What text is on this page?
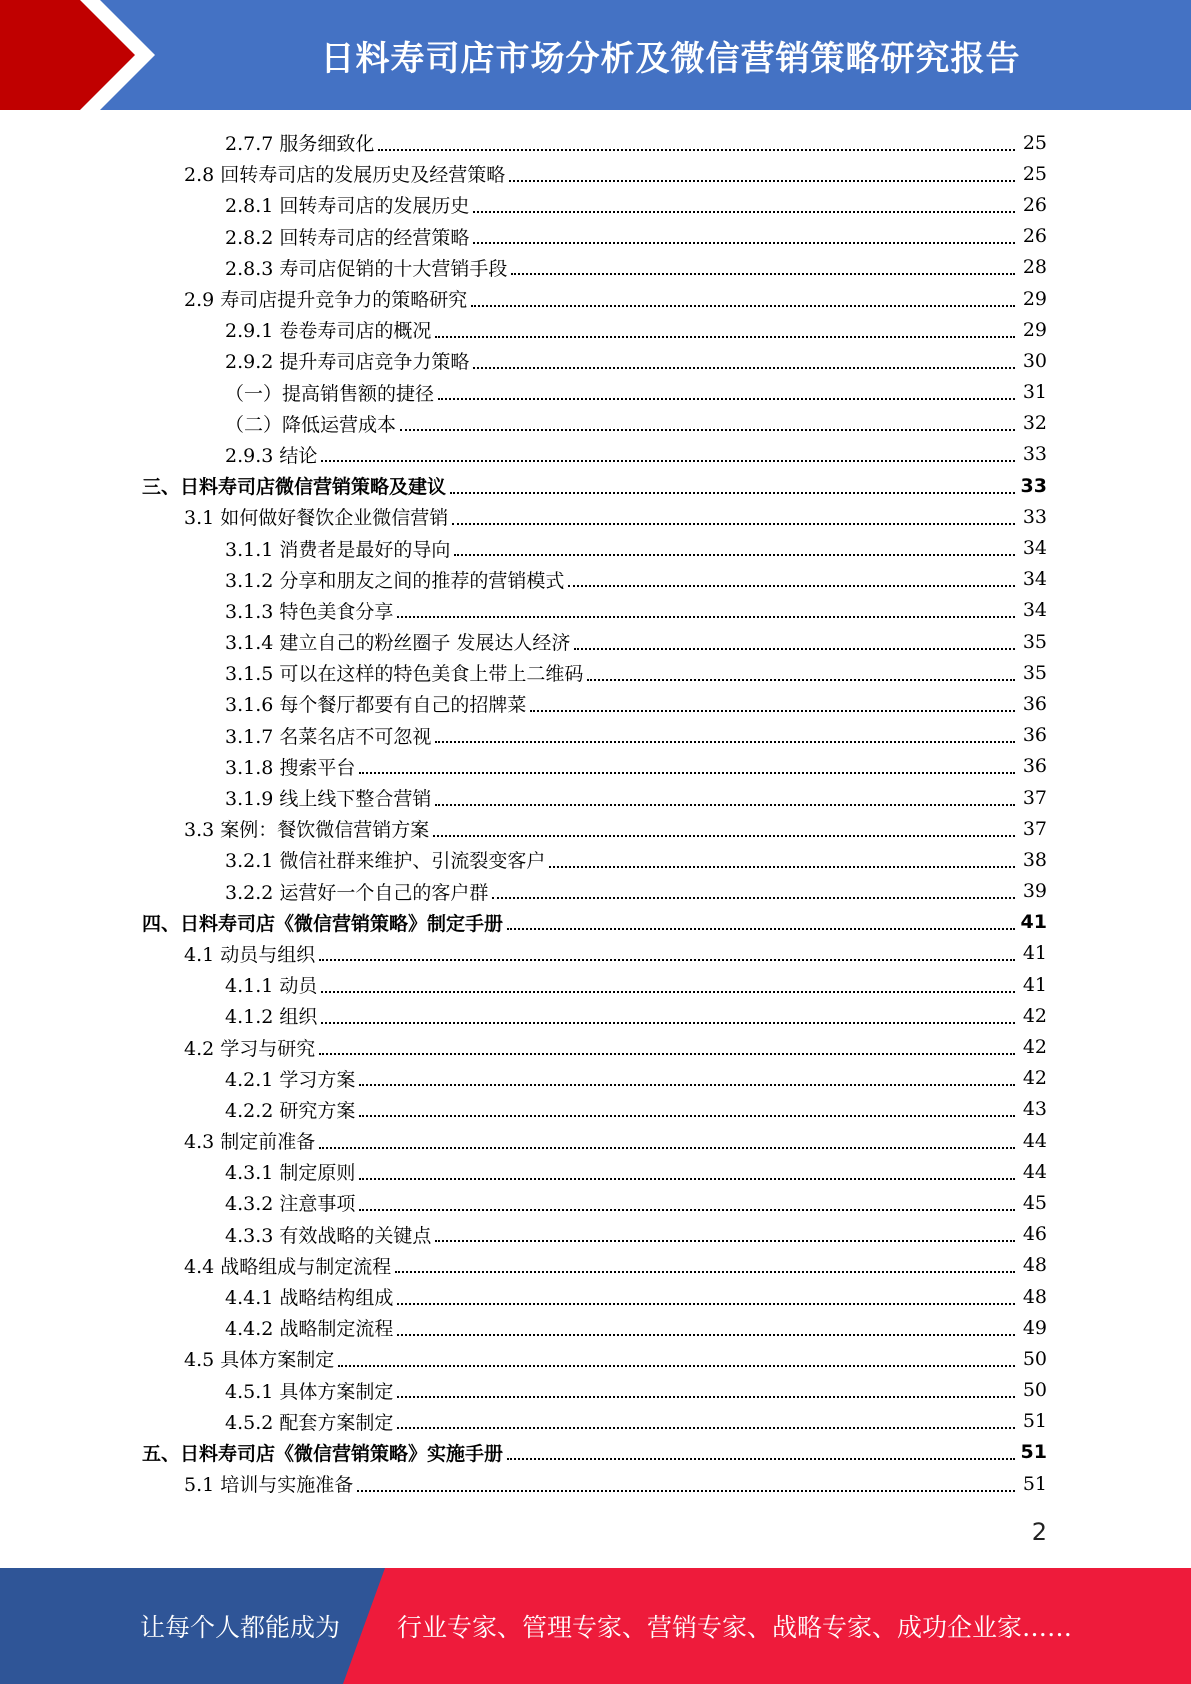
日料寿司店市场分析及微信营销策略研究报告
2.7.7 服务细致化	25
2.8 回转寿司店的发展历史及经营策略	25
2.8.1 回转寿司店的发展历史	26
2.8.2 回转寿司店的经营策略	26
2.8.3 寿司店促销的十大营销手段	28
2.9 寿司店提升竞争力的策略研究	29
2.9.1 卷卷寿司店的概况	29
2.9.2 提升寿司店竞争力策略	30
（一）提高销售额的捷径	31
（二）降低运营成本	32
2.9.3 结论	33
三、日料寿司店微信营销策略及建议	33
3.1 如何做好餐饮企业微信营销	33
3.1.1 消费者是最好的导向	34
3.1.2 分享和朋友之间的推荐的营销模式	34
3.1.3 特色美食分享	34
3.1.4 建立自己的粉丝圈子 发展达人经济	35
3.1.5 可以在这样的特色美食上带上二维码	35
3.1.6 每个餐厅都要有自己的招牌菜	36
3.1.7 名菜名店不可忽视	36
3.1.8 搜索平台	36
3.1.9 线上线下整合营销	37
3.3 案例：餐饮微信营销方案	37
3.2.1 微信社群来维护、引流裂变客户	38
3.2.2 运营好一个自己的客户群	39
四、日料寿司店《微信营销策略》制定手册	41
4.1 动员与组织	41
4.1.1 动员	41
4.1.2 组织	42
4.2 学习与研究	42
4.2.1 学习方案	42
4.2.2 研究方案	43
4.3 制定前准备	44
4.3.1 制定原则	44
4.3.2 注意事项	45
4.3.3 有效战略的关键点	46
4.4 战略组成与制定流程	48
4.4.1 战略结构组成	48
4.4.2 战略制定流程	49
4.5 具体方案制定	50
4.5.1 具体方案制定	50
4.5.2 配套方案制定	51
五、日料寿司店《微信营销策略》实施手册	51
5.1 培训与实施准备	51
2
让每个人都能成为 行业专家、管理专家、营销专家、战略专家、成功企业家……
